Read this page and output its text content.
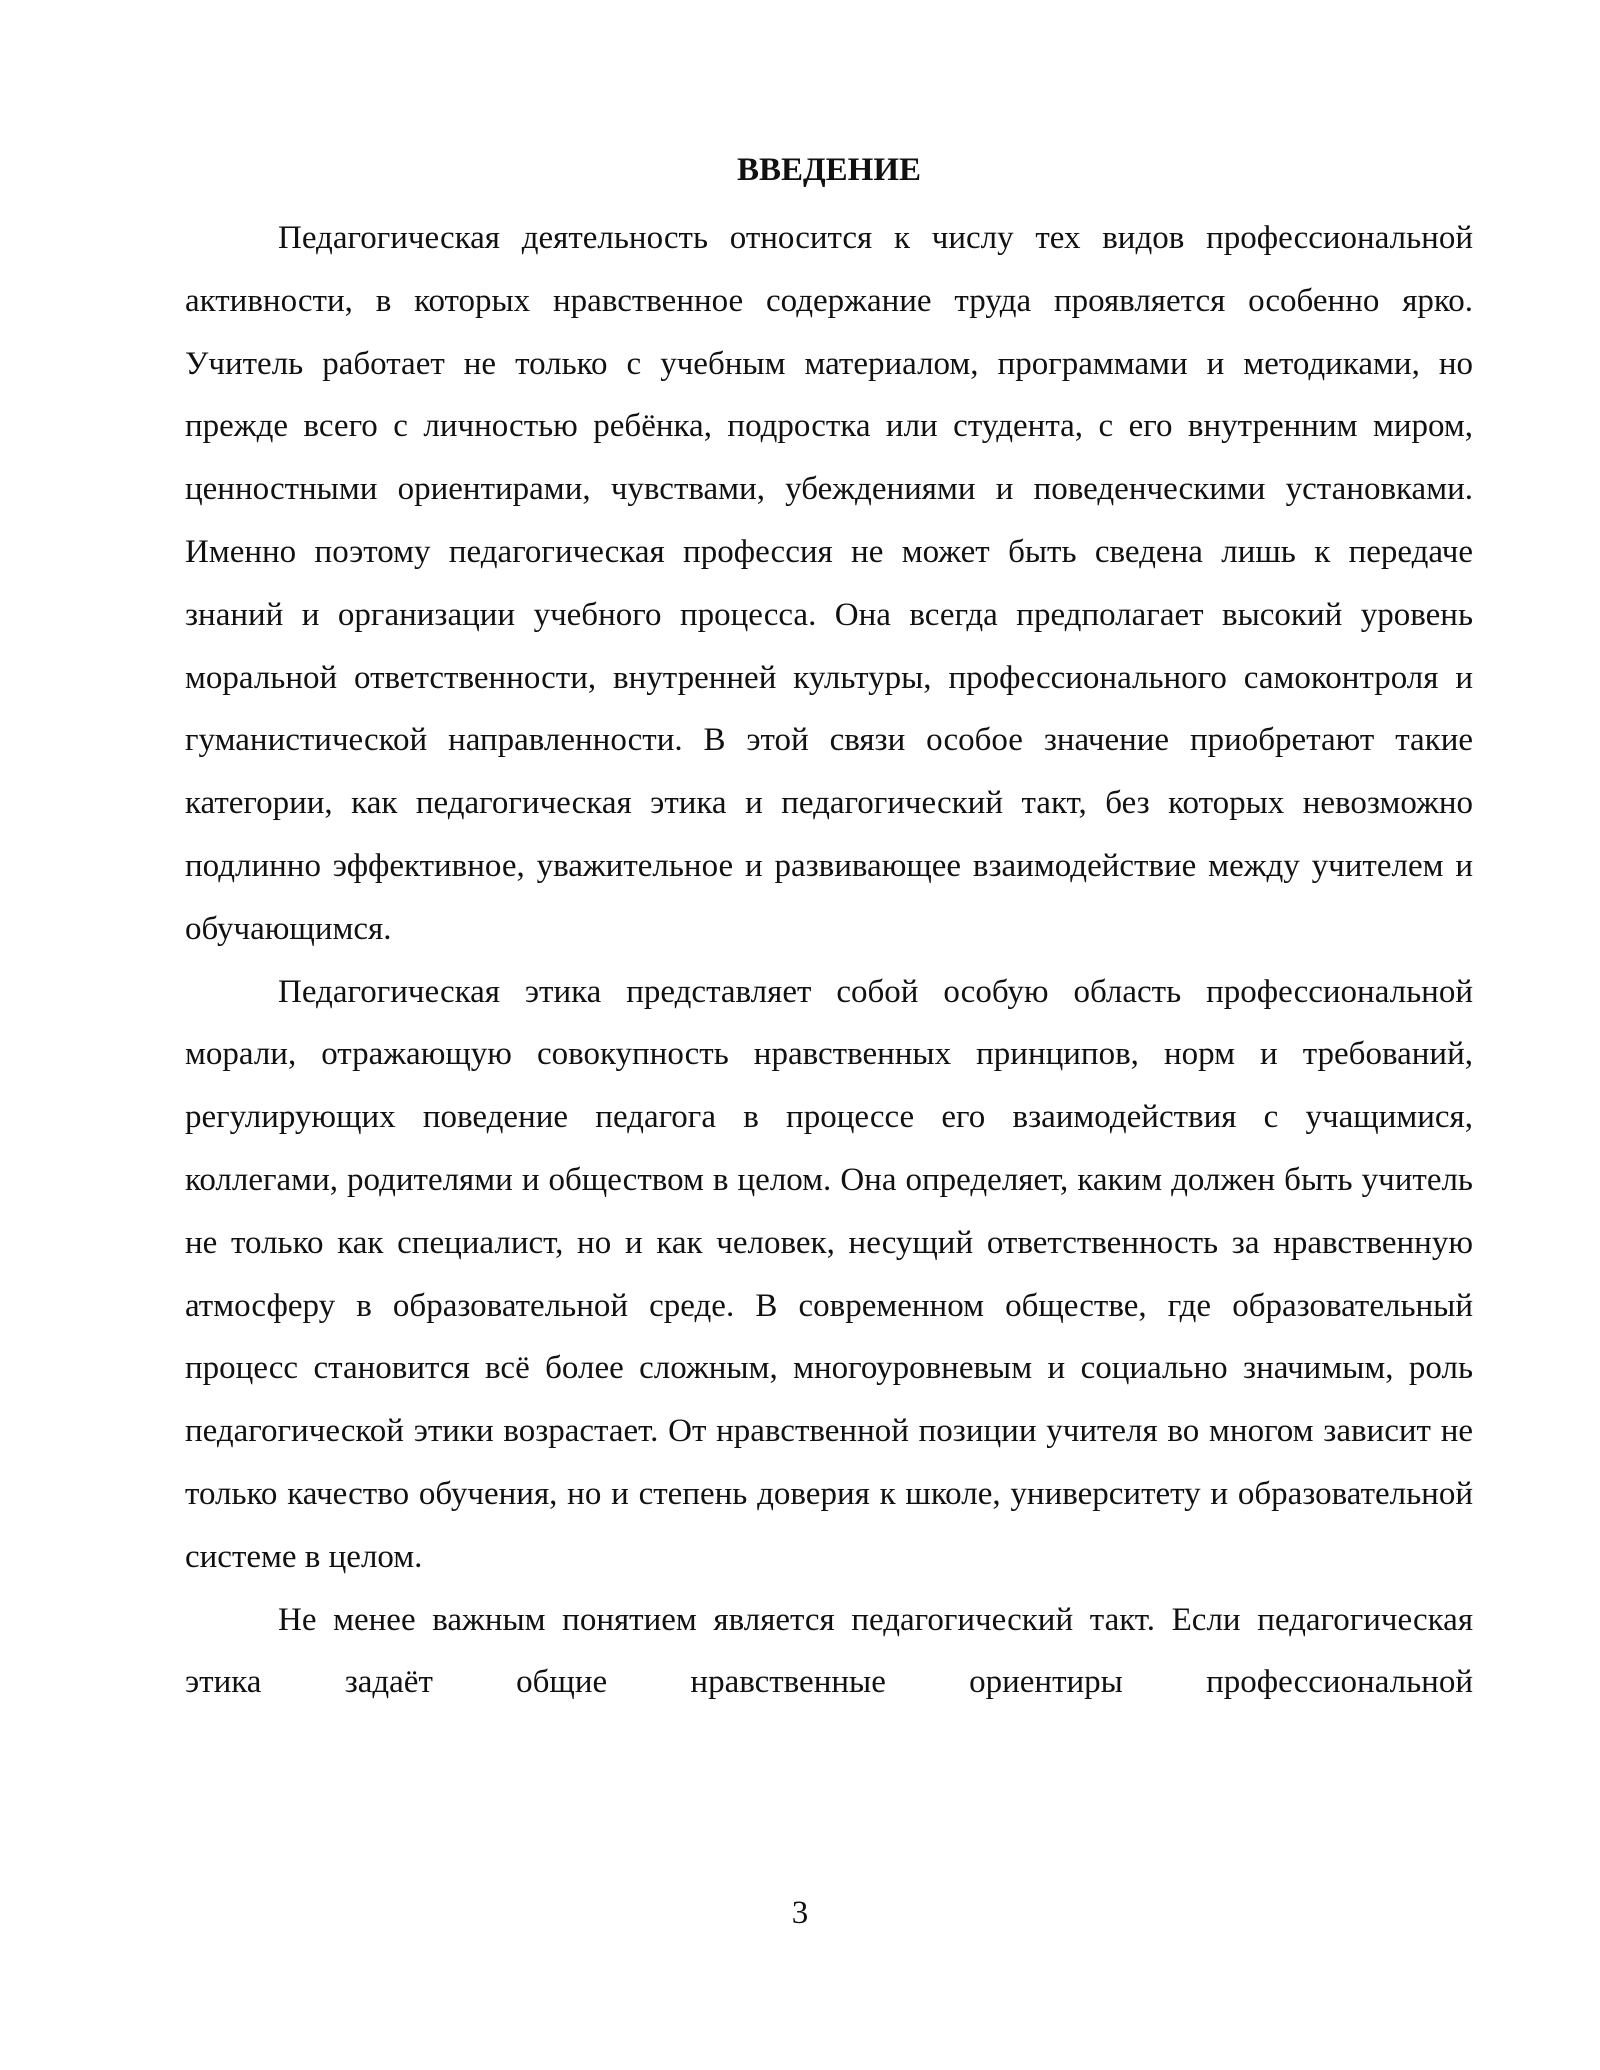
ВВЕДЕНИЕ

Педагогическая деятельность относится к числу тех видов профессиональной активности, в которых нравственное содержание труда проявляется особенно ярко. Учитель работает не только с учебным материалом, программами и методиками, но прежде всего с личностью ребёнка, подростка или студента, с его внутренним миром, ценностными ориентирами, чувствами, убеждениями и поведенческими установками. Именно поэтому педагогическая профессия не может быть сведена лишь к передаче знаний и организации учебного процесса. Она всегда предполагает высокий уровень моральной ответственности, внутренней культуры, профессионального самоконтроля и гуманистической направленности. В этой связи особое значение приобретают такие категории, как педагогическая этика и педагогический такт, без которых невозможно подлинно эффективное, уважительное и развивающее взаимодействие между учителем и обучающимся.

Педагогическая этика представляет собой особую область профессиональной морали, отражающую совокупность нравственных принципов, норм и требований, регулирующих поведение педагога в процессе его взаимодействия с учащимися, коллегами, родителями и обществом в целом. Она определяет, каким должен быть учитель не только как специалист, но и как человек, несущий ответственность за нравственную атмосферу в образовательной среде. В современном обществе, где образовательный процесс становится всё более сложным, многоуровневым и социально значимым, роль педагогической этики возрастает. От нравственной позиции учителя во многом зависит не только качество обучения, но и степень доверия к школе, университету и образовательной системе в целом.

Не менее важным понятием является педагогический такт. Если педагогическая этика задаёт общие нравственные ориентиры профессиональной

3
